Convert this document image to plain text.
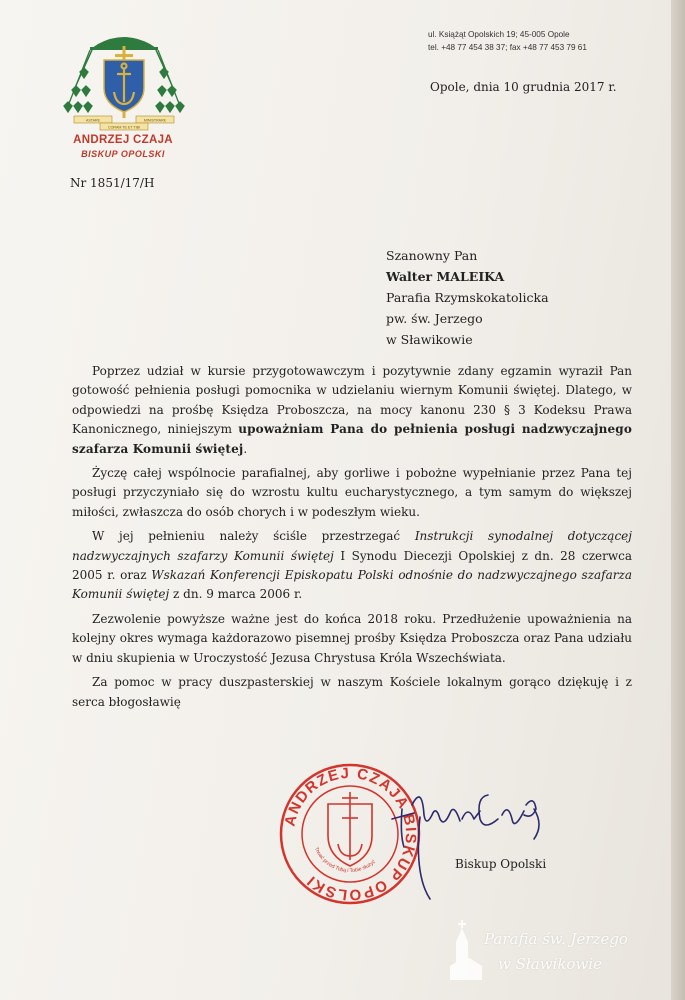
ASTARE	MINISTRARE
CORAM TE ET TIBI
ANDRZEJ CZAJA
BISKUP OPOLSKI
ul. Książąt Opolskich 19; 45-005 Opole
tel. +48 77 454 38 37; fax +48 77 453 79 61
Opole, dnia 10 grudnia 2017 r.
Nr 1851/17/H
Szanowny Pan
Walter MALEIKA
Parafia Rzymskokatolicka
pw. św. Jerzego
w Sławikowie

Poprzez udział w kursie przygotowawczym i pozytywnie zdany egzamin wyraził Pan gotowość pełnienia posługi pomocnika w udzielaniu wiernym Komunii świętej. Dlatego, w odpowiedzi na prośbę Księdza Proboszcza, na mocy kanonu 230 § 3 Kodeksu Prawa Kanonicznego, niniejszym upoważniam Pana do pełnienia posługi nadzwyczajnego szafarza Komunii świętej.

Życzę całej wspólnocie parafialnej, aby gorliwe i pobożne wypełnianie przez Pana tej posługi przyczyniało się do wzrostu kultu eucharystycznego, a tym samym do większej miłości, zwłaszcza do osób chorych i w podeszłym wieku.

W jej pełnieniu należy ściśle przestrzegać Instrukcji synodalnej dotyczącej nadzwyczajnych szafarzy Komunii świętej I Synodu Diecezji Opolskiej z dn. 28 czerwca 2005 r. oraz Wskazań Konferencji Episkopatu Polski odnośnie do nadzwyczajnego szafarza Komunii świętej z dn. 9 marca 2006 r.

Zezwolenie powyższe ważne jest do końca 2018 roku. Przedłużenie upoważnienia na kolejny okres wymaga każdorazowo pisemnej prośby Księdza Proboszcza oraz Pana udziału w dniu skupienia w Uroczystość Jezusa Chrystusa Króla Wszechświata.

Za pomoc w pracy duszpasterskiej w naszym Kościele lokalnym gorąco dziękuję i z serca błogosławię

ANDRZEJ CZAJA BISKUP OPOLSKI
Trwać przed Tobą i Tobie służyć	Biskup Opolski
Parafia św. Jerzego
w Sławikowie
